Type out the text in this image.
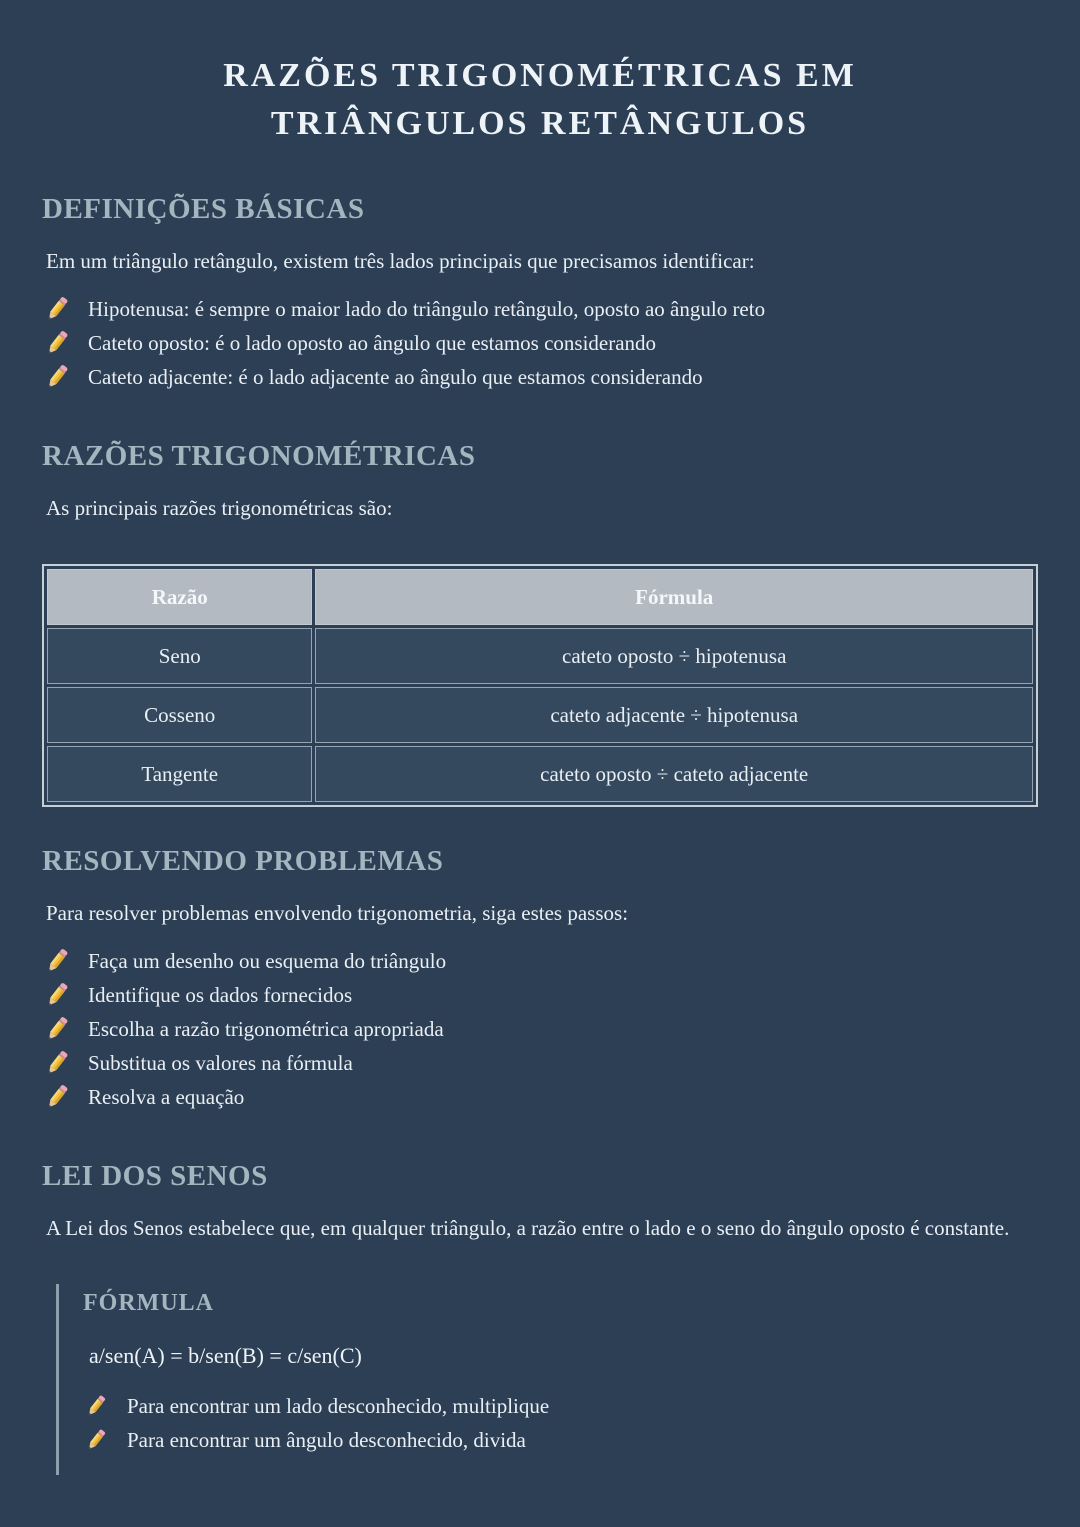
RAZÕES TRIGONOMÉTRICAS EM
TRIÂNGULOS RETÂNGULOS
DEFINIÇÕES BÁSICAS

Em um triângulo retângulo, existem três lados principais que precisamos identificar:

Hipotenusa: é sempre o maior lado do triângulo retângulo, oposto ao ângulo reto
Cateto oposto: é o lado oposto ao ângulo que estamos considerando
Cateto adjacente: é o lado adjacente ao ângulo que estamos considerando
RAZÕES TRIGONOMÉTRICAS

As principais razões trigonométricas são:

Razão	Fórmula
Seno	cateto oposto ÷ hipotenusa
Cosseno	cateto adjacente ÷ hipotenusa
Tangente	cateto oposto ÷ cateto adjacente
RESOLVENDO PROBLEMAS

Para resolver problemas envolvendo trigonometria, siga estes passos:

Faça um desenho ou esquema do triângulo
Identifique os dados fornecidos
Escolha a razão trigonométrica apropriada
Substitua os valores na fórmula
Resolva a equação
LEI DOS SENOS

A Lei dos Senos estabelece que, em qualquer triângulo, a razão entre o lado e o seno do ângulo oposto é constante.

FÓRMULA

a/sen(A) = b/sen(B) = c/sen(C)

Para encontrar um lado desconhecido, multiplique
Para encontrar um ângulo desconhecido, divida
